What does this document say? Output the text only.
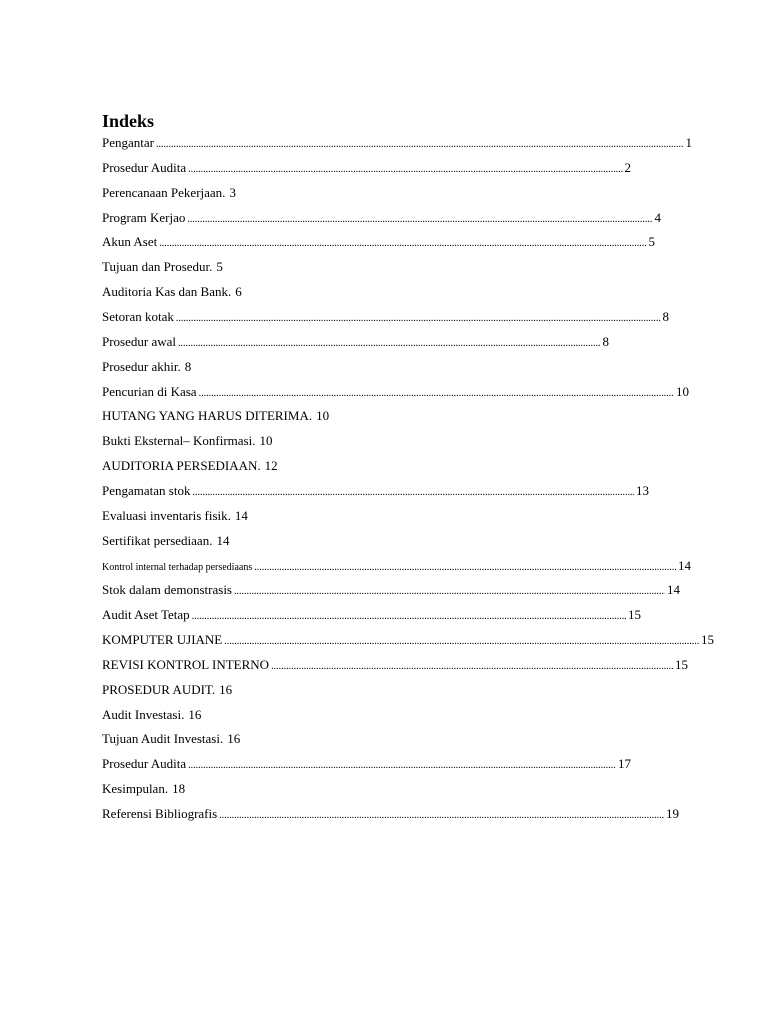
Indeks
Pengantar .....	1
Prosedur Audita .....	2
Perencanaan Pekerjaan. 3
Program Kerjao .....	4
Akun Aset .....	5
Tujuan dan Prosedur. 5
Auditoria Kas dan Bank. 6
Setoran kotak .....	8
Prosedur awal .....	8
Prosedur akhir. 8
Pencurian di Kasa .....	10
HUTANG YANG HARUS DITERIMA. 10
Bukti Eksternal– Konfirmasi. 10
AUDITORIA PERSEDIAAN. 12
Pengamatan stok .....	13
Evaluasi inventaris fisik. 14
Sertifikat persediaan. 14
Kontrol internal terhadap persediaans .....	14
Stok dalam demonstrasis .....	14
Audit Aset Tetap .....	15
KOMPUTER UJIANE .....	15
REVISI KONTROL INTERNO .....	15
PROSEDUR AUDIT. 16
Audit Investasi. 16
Tujuan Audit Investasi. 16
Prosedur Audita .....	17
Kesimpulan. 18
Referensi Bibliografis .....	19
